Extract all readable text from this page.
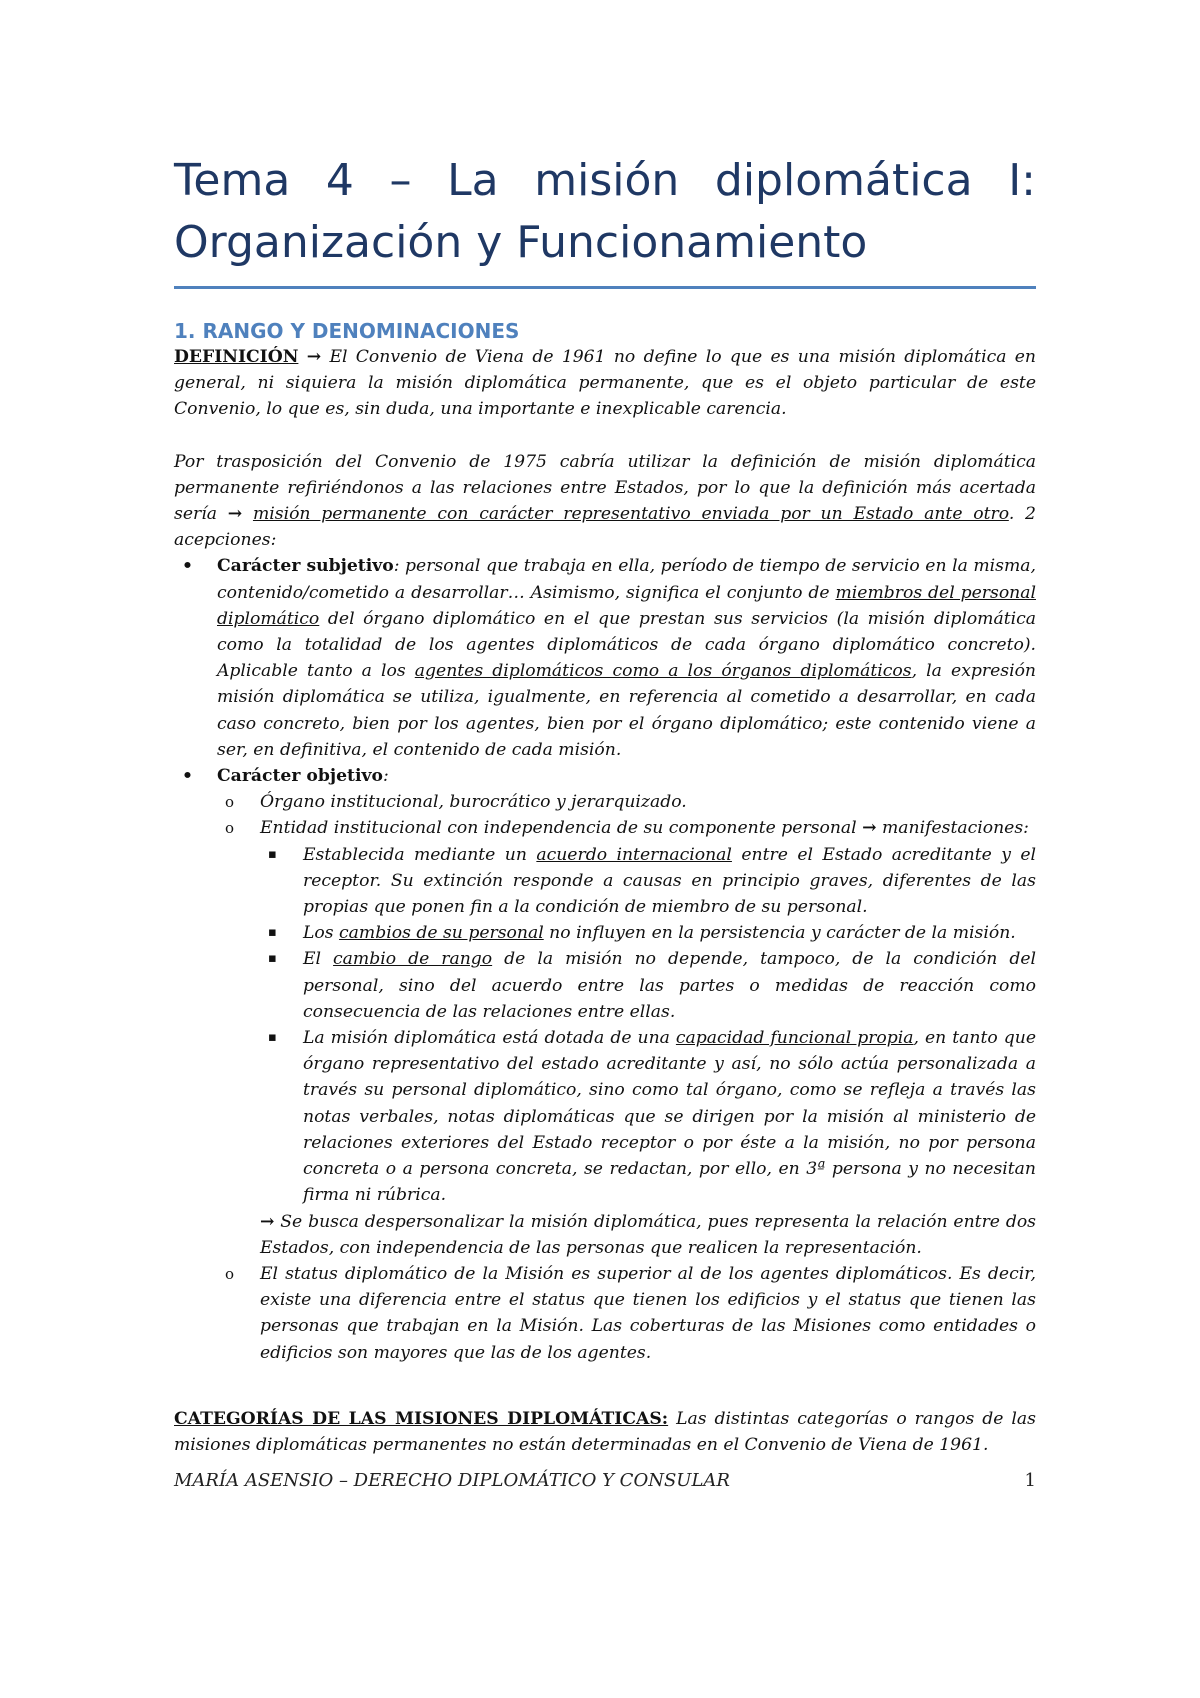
Tema 4 – La misión diplomática I: Organización y Funcionamiento
1. RANGO Y DENOMINACIONES

DEFINICIÓN → El Convenio de Viena de 1961 no define lo que es una misión diplomática en general, ni siquiera la misión diplomática permanente, que es el objeto particular de este Convenio, lo que es, sin duda, una importante e inexplicable carencia.

Por trasposición del Convenio de 1975 cabría utilizar la definición de misión diplomática permanente refiriéndonos a las relaciones entre Estados, por lo que la definición más acertada sería → misión permanente con carácter representativo enviada por un Estado ante otro. 2 acepciones:

• Carácter subjetivo: personal que trabaja en ella, período de tiempo de servicio en la misma, contenido/cometido a desarrollar… Asimismo, significa el conjunto de miembros del personal diplomático del órgano diplomático en el que prestan sus servicios (la misión diplomática como la totalidad de los agentes diplomáticos de cada órgano diplomático concreto). Aplicable tanto a los agentes diplomáticos como a los órganos diplomáticos, la expresión misión diplomática se utiliza, igualmente, en referencia al cometido a desarrollar, en cada caso concreto, bien por los agentes, bien por el órgano diplomático; este contenido viene a ser, en definitiva, el contenido de cada misión.
• Carácter objetivo:
o Órgano institucional, burocrático y jerarquizado.
o Entidad institucional con independencia de su componente personal → manifestaciones:
▪ Establecida mediante un acuerdo internacional entre el Estado acreditante y el receptor. Su extinción responde a causas en principio graves, diferentes de las propias que ponen fin a la condición de miembro de su personal.
▪ Los cambios de su personal no influyen en la persistencia y carácter de la misión.
▪ El cambio de rango de la misión no depende, tampoco, de la condición del personal, sino del acuerdo entre las partes o medidas de reacción como consecuencia de las relaciones entre ellas.
▪ La misión diplomática está dotada de una capacidad funcional propia, en tanto que órgano representativo del estado acreditante y así, no sólo actúa personalizada a través su personal diplomático, sino como tal órgano, como se refleja a través las notas verbales, notas diplomáticas que se dirigen por la misión al ministerio de relaciones exteriores del Estado receptor o por éste a la misión, no por persona concreta o a persona concreta, se redactan, por ello, en 3ª persona y no necesitan firma ni rúbrica.

→ Se busca despersonalizar la misión diplomática, pues representa la relación entre dos Estados, con independencia de las personas que realicen la representación.

o El status diplomático de la Misión es superior al de los agentes diplomáticos. Es decir, existe una diferencia entre el status que tienen los edificios y el status que tienen las personas que trabajan en la Misión. Las coberturas de las Misiones como entidades o edificios son mayores que las de los agentes.

CATEGORÍAS DE LAS MISIONES DIPLOMÁTICAS: Las distintas categorías o rangos de las misiones diplomáticas permanentes no están determinadas en el Convenio de Viena de 1961.

MARÍA ASENSIO – DERECHO DIPLOMÁTICO Y CONSULAR	1
